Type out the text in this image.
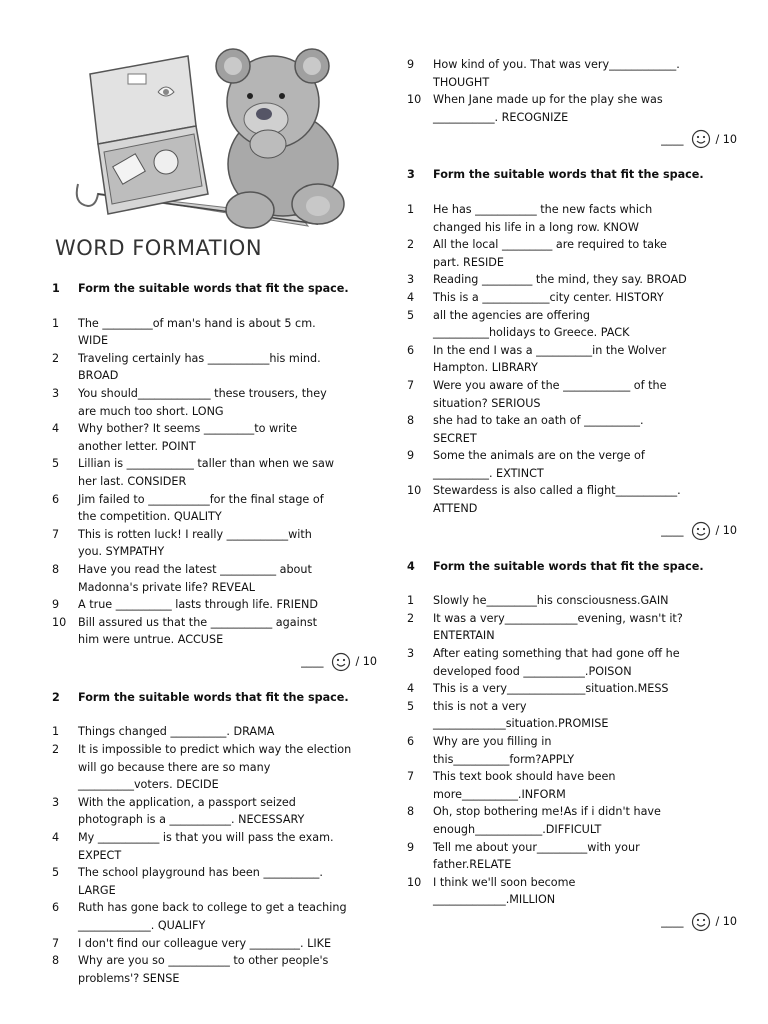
WORD FORMATION
1	Form the suitable words that fit the space.
1	The _________of man's hand is about 5 cm.
WIDE
2	Traveling certainly has ___________his mind.
BROAD
3	You should_____________ these trousers, they
are much too short. LONG
4	Why bother? It seems _________to write
another letter. POINT
5	Lillian is ____________ taller than when we saw
her last. CONSIDER
6	Jim failed to ___________for the final stage of
the competition. QUALITY
7	This is rotten luck! I really ___________with
you. SYMPATHY
8	Have you read the latest __________ about
Madonna's private life? REVEAL
9	A true __________ lasts through life. FRIEND
10	Bill assured us that the ___________ against
him were untrue. ACCUSE
____	/ 10
2	Form the suitable words that fit the space.
1	Things changed __________. DRAMA
2	It is impossible to predict which way the election
will go because there are so many
__________voters. DECIDE
3	With the application, a passport seized
photograph is a ___________. NECESSARY
4	My ___________ is that you will pass the exam.
EXPECT
5	The school playground has been __________.
LARGE
6	Ruth has gone back to college to get a teaching
_____________. QUALIFY
7	I don't find our colleague very _________. LIKE
8	Why are you so ___________ to other people's
problems'? SENSE
9	How kind of you. That was very____________.
THOUGHT
10	When Jane made up for the play she was
___________. RECOGNIZE
____	/ 10
3	Form the suitable words that fit the space.
1	He has ___________ the new facts which
changed his life in a long row. KNOW
2	All the local _________ are required to take
part. RESIDE
3	Reading _________ the mind, they say. BROAD
4	This is a ____________city center. HISTORY
5	all the agencies are offering
__________holidays to Greece. PACK
6	In the end I was a __________in the Wolver
Hampton. LIBRARY
7	Were you aware of the ____________ of the
situation? SERIOUS
8	she had to take an oath of __________.
SECRET
9	Some the animals are on the verge of
__________. EXTINCT
10	Stewardess is also called a flight___________.
ATTEND
____	/ 10
4	Form the suitable words that fit the space.
1	Slowly he_________his consciousness.GAIN
2	It was a very_____________evening, wasn't it?
ENTERTAIN
3	After eating something that had gone off he
developed food ___________.POISON
4	This is a very______________situation.MESS
5	this is not a very
_____________situation.PROMISE
6	Why are you filling in
this__________form?APPLY
7	This text book should have been
more__________.INFORM
8	Oh, stop bothering me!As if i didn't have
enough____________.DIFFICULT
9	Tell me about your_________with your
father.RELATE
10	I think we'll soon become
_____________.MILLION
____	/ 10
